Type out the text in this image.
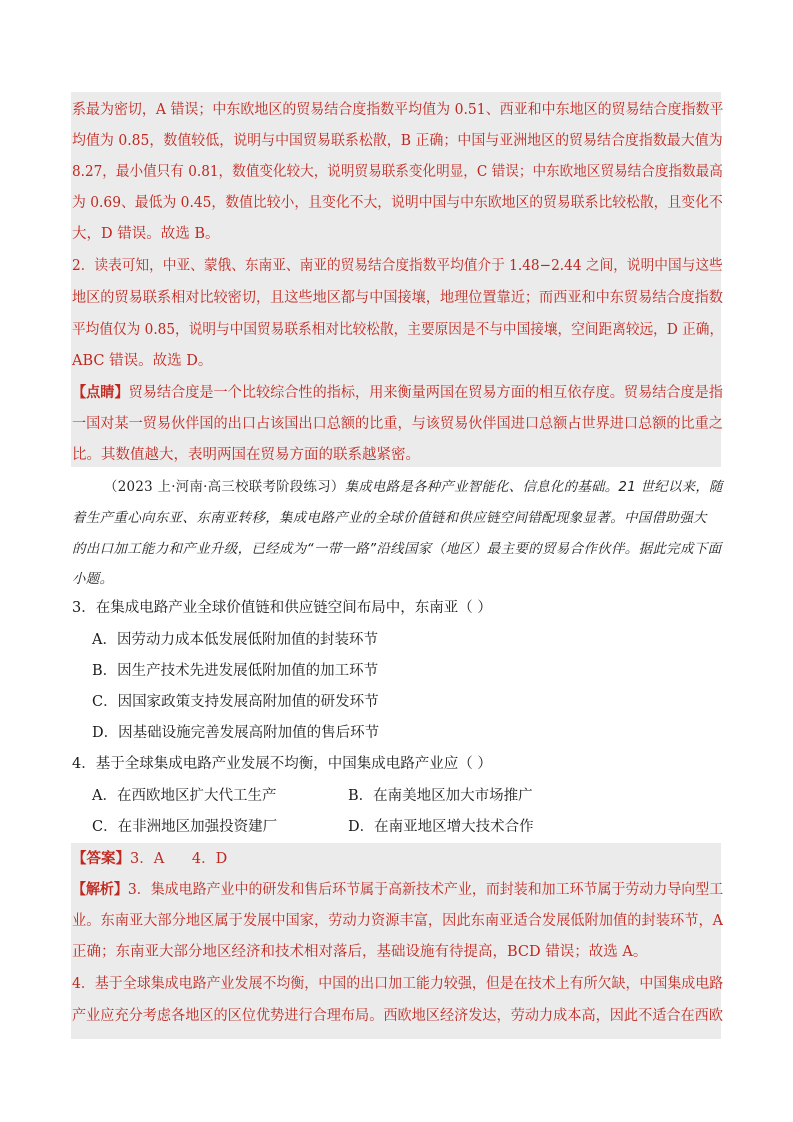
系最为密切，A 错误；中东欧地区的贸易结合度指数平均值为 0.51、西亚和中东地区的贸易结合度指数平
均值为 0.85，数值较低，说明与中国贸易联系松散，B 正确；中国与亚洲地区的贸易结合度指数最大值为
8.27，最小值只有 0.81，数值变化较大，说明贸易联系变化明显，C 错误；中东欧地区贸易结合度指数最高
为 0.69、最低为 0.45，数值比较小，且变化不大，说明中国与中东欧地区的贸易联系比较松散，且变化不
大，D 错误。故选 B。
2．读表可知，中亚、蒙俄、东南亚、南亚的贸易结合度指数平均值介于 1.48−2.44 之间，说明中国与这些
地区的贸易联系相对比较密切，且这些地区都与中国接壤，地理位置靠近；而西亚和中东贸易结合度指数
平均值仅为 0.85，说明与中国贸易联系相对比较松散，主要原因是不与中国接壤，空间距离较远，D 正确，
ABC 错误。故选 D。
【点睛】贸易结合度是一个比较综合性的指标，用来衡量两国在贸易方面的相互依存度。贸易结合度是指
一国对某一贸易伙伴国的出口占该国出口总额的比重，与该贸易伙伴国进口总额占世界进口总额的比重之
比。其数值越大，表明两国在贸易方面的联系越紧密。
（2023 上·河南·高三校联考阶段练习）集成电路是各种产业智能化、信息化的基础。21 世纪以来，随
着生产重心向东亚、东南亚转移，集成电路产业的全球价值链和供应链空间错配现象显著。中国借助强大
的出口加工能力和产业升级，已经成为“一带一路”沿线国家（地区）最主要的贸易合作伙伴。据此完成下面
小题。
3．在集成电路产业全球价值链和供应链空间布局中，东南亚（ ）
A．因劳动力成本低发展低附加值的封装环节
B．因生产技术先进发展低附加值的加工环节
C．因国家政策支持发展高附加值的研发环节
D．因基础设施完善发展高附加值的售后环节
4．基于全球集成电路产业发展不均衡，中国集成电路产业应（ ）
A．在西欧地区扩大代工生产	B．在南美地区加大市场推广
C．在非洲地区加强投资建厂	D．在南亚地区增大技术合作
【答案】3．A      4．D
【解析】3．集成电路产业中的研发和售后环节属于高新技术产业，而封装和加工环节属于劳动力导向型工
业。东南亚大部分地区属于发展中国家，劳动力资源丰富，因此东南亚适合发展低附加值的封装环节，A
正确；东南亚大部分地区经济和技术相对落后，基础设施有待提高，BCD 错误；故选 A。
4．基于全球集成电路产业发展不均衡，中国的出口加工能力较强，但是在技术上有所欠缺，中国集成电路
产业应充分考虑各地区的区位优势进行合理布局。西欧地区经济发达，劳动力成本高，因此不适合在西欧
